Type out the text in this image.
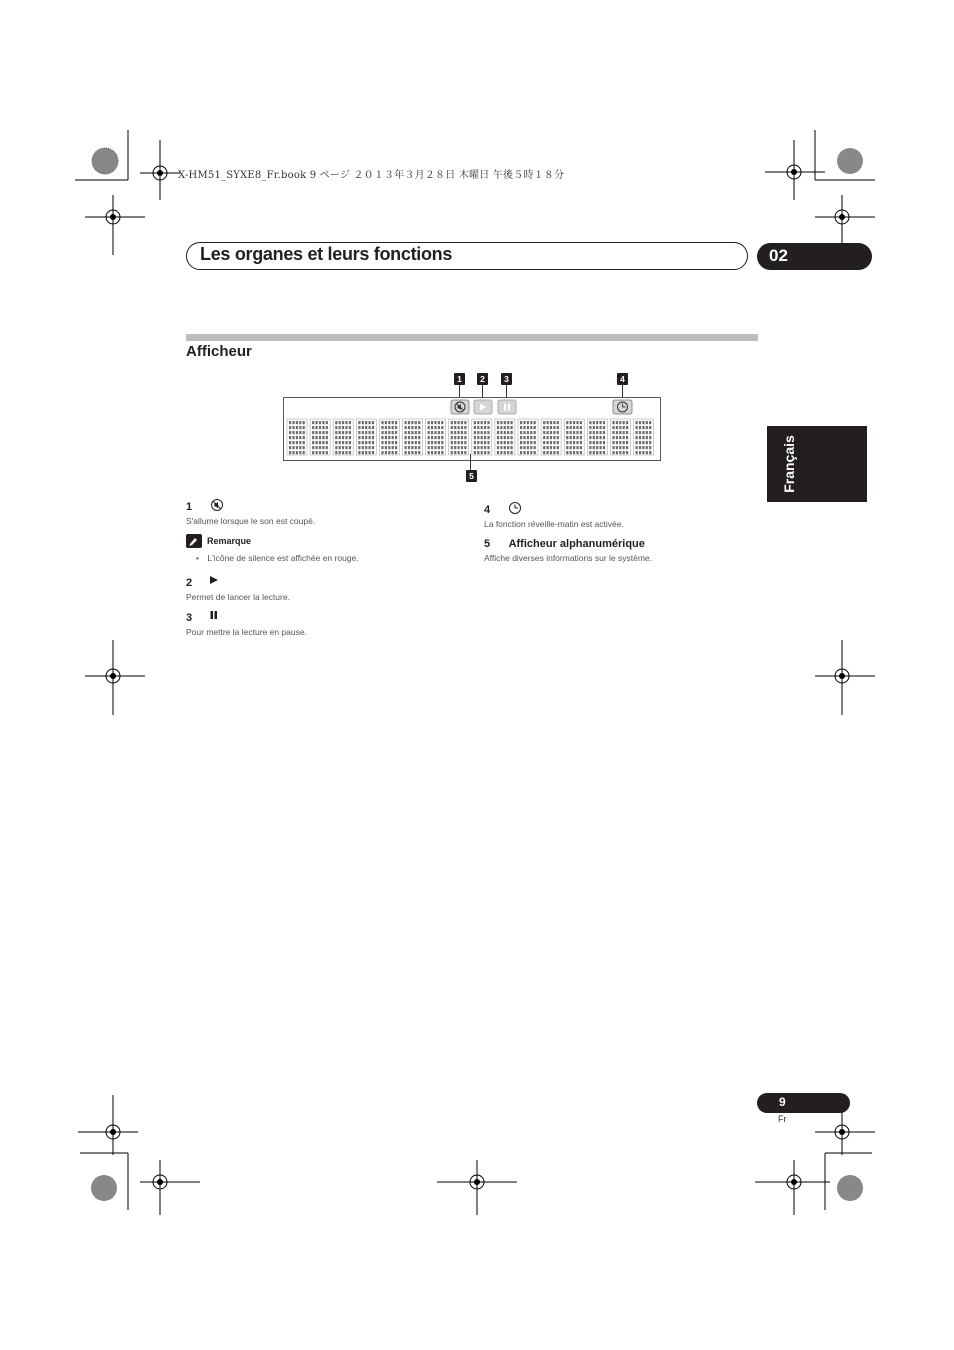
X-HM51_SYXE8_Fr.book 9 ページ ２０１３年３月２８日 木曜日 午後５時１８分
Les organes et leurs fonctions	02
Français
Afficheur
1	2	3	4
5
1
S'allume lorsque le son est coupé.
Remarque
• L'icône de silence est affichée en rouge.
2
Permet de lancer la lecture.
3
Pour mettre la lecture en pause.
4
La fonction réveille-matin est activée.
5 Afficheur alphanumérique
Affiche diverses informations sur le système.
9
Fr
